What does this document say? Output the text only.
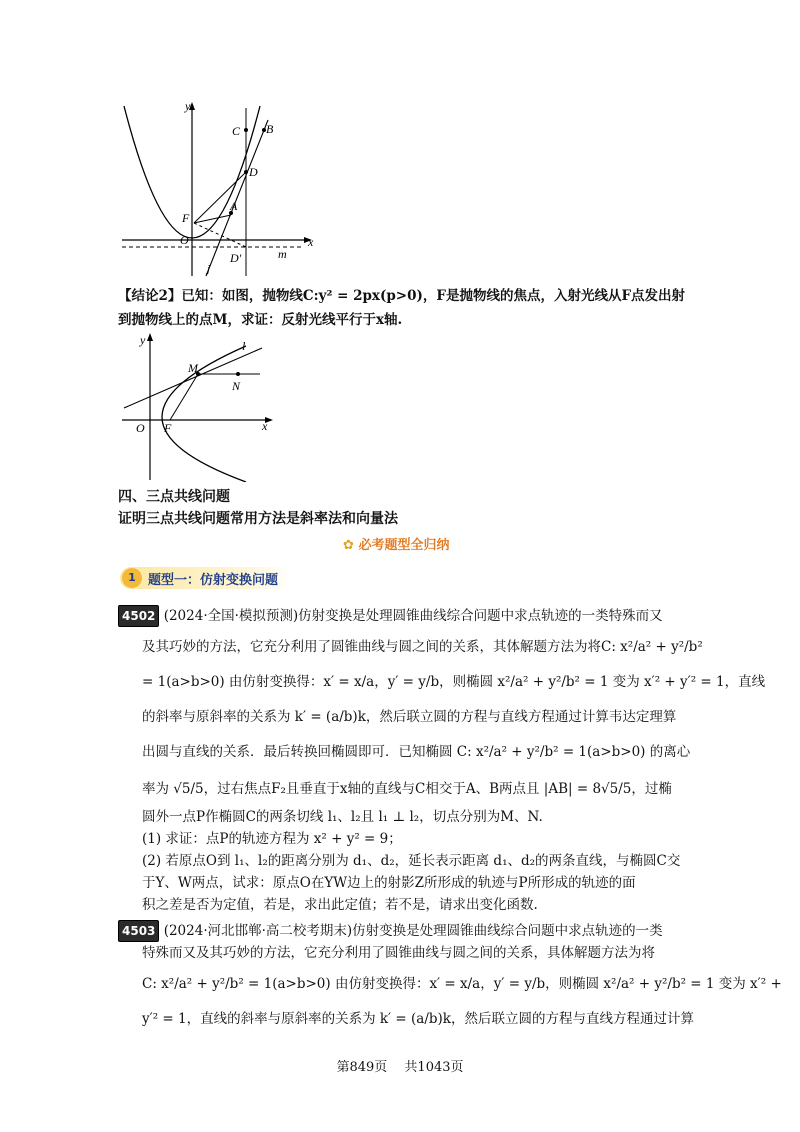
y
x
O
F
A
B
C
D
D′	m
j
【结论2】已知：如图，抛物线C:y² = 2px(p>0)，F是抛物线的焦点，入射光线从F点发出射
到抛物线上的点M，求证：反射光线平行于x轴.
y
x
O F
M
N
l
四、三点共线问题
证明三点共线问题常用方法是斜率法和向量法
✿ 必考题型全归纳
1 题型一：仿射变换问题
4502 (2024·全国·模拟预测)仿射变换是处理圆锥曲线综合问题中求点轨迹的一类特殊而又
及其巧妙的方法，它充分利用了圆锥曲线与圆之间的关系，其体解题方法为将C: x²/a² + y²/b²
= 1(a>b>0) 由仿射变换得：x′ = x/a，y′ = y/b，则椭圆 x²/a² + y²/b² = 1 变为 x′² + y′² = 1，直线
的斜率与原斜率的关系为 k′ = (a/b)k，然后联立圆的方程与直线方程通过计算韦达定理算
出圆与直线的关系．最后转换回椭圆即可．已知椭圆 C: x²/a² + y²/b² = 1(a>b>0) 的离心
率为 √5/5，过右焦点F₂且垂直于x轴的直线与C相交于A、B两点且 |AB| = 8√5/5，过椭
圆外一点P作椭圆C的两条切线 l₁、l₂且 l₁ ⊥ l₂，切点分别为M、N.
(1) 求证：点P的轨迹方程为 x² + y² = 9；
(2) 若原点O到 l₁、l₂的距离分别为 d₁、d₂，延长表示距离 d₁、d₂的两条直线，与椭圆C交
于Y、W两点，试求：原点O在YW边上的射影Z所形成的轨迹与P所形成的轨迹的面
积之差是否为定值，若是，求出此定值；若不是，请求出变化函数.
4503 (2024·河北邯郸·高二校考期末)仿射变换是处理圆锥曲线综合问题中求点轨迹的一类
特殊而又及其巧妙的方法，它充分利用了圆锥曲线与圆之间的关系，具体解题方法为将
C: x²/a² + y²/b² = 1(a>b>0) 由仿射变换得：x′ = x/a，y′ = y/b，则椭圆 x²/a² + y²/b² = 1 变为 x′² +
y′² = 1，直线的斜率与原斜率的关系为 k′ = (a/b)k，然后联立圆的方程与直线方程通过计算
第849页　 共1043页
